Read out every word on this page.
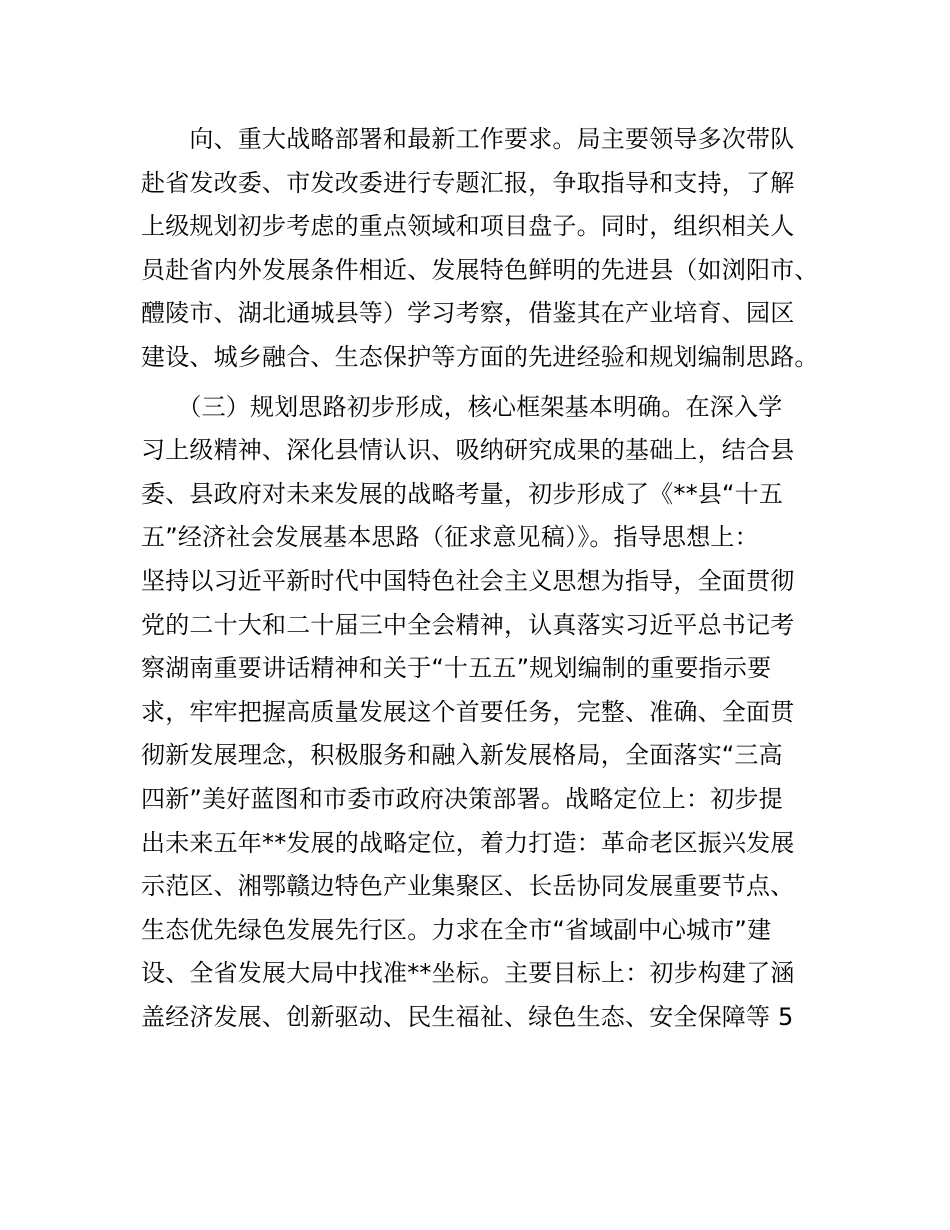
　　向、重大战略部署和最新工作要求。局主要领导多次带队
赴省发改委、市发改委进行专题汇报，争取指导和支持，了解
上级规划初步考虑的重点领域和项目盘子。同时，组织相关人
员赴省内外发展条件相近、发展特色鲜明的先进县（如浏阳市、
醴陵市、湖北通城县等）学习考察，借鉴其在产业培育、园区
建设、城乡融合、生态保护等方面的先进经验和规划编制思路。
　　（三）规划思路初步形成，核心框架基本明确。在深入学
习上级精神、深化县情认识、吸纳研究成果的基础上，结合县
委、县政府对未来发展的战略考量，初步形成了《**县“十五
五”经济社会发展基本思路（征求意见稿）》。指导思想上：
坚持以习近平新时代中国特色社会主义思想为指导，全面贯彻
党的二十大和二十届三中全会精神，认真落实习近平总书记考
察湖南重要讲话精神和关于“十五五”规划编制的重要指示要
求，牢牢把握高质量发展这个首要任务，完整、准确、全面贯
彻新发展理念，积极服务和融入新发展格局，全面落实“三高
四新”美好蓝图和市委市政府决策部署。战略定位上：初步提
出未来五年**发展的战略定位，着力打造：革命老区振兴发展
示范区、湘鄂赣边特色产业集聚区、长岳协同发展重要节点、
生态优先绿色发展先行区。力求在全市“省域副中心城市”建
设、全省发展大局中找准**坐标。主要目标上：初步构建了涵
盖经济发展、创新驱动、民生福祉、绿色生态、安全保障等 5
